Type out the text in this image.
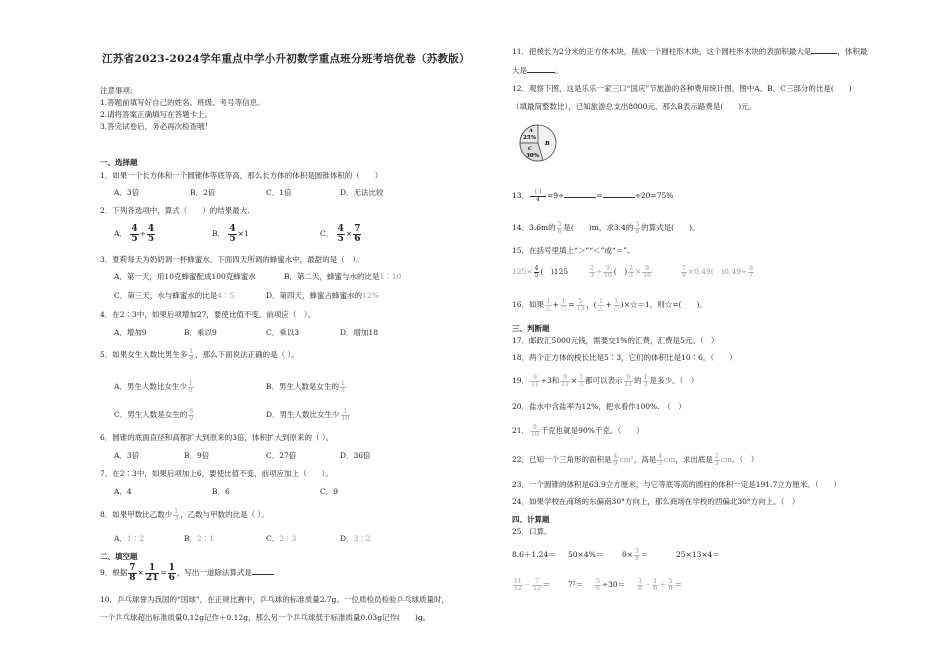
江苏省2023-2024学年重点中学小升初数学重点班分班考培优卷（苏教版）
注意事项:
1.答题前填写好自己的姓名、班级、考号等信息。
2.请将答案正确填写在答题卡上。
3.答完试卷后，务必再次检查哦！
一、选择题
1．如果一个长方体和一个圆锥体等底等高，那么长方体的体积是圆锥体积的（　　）
A．3倍	B．2倍	C．1倍	D．无法比较
2．下列各选项中，算式（　　）的结果最大.
A． $\frac{4}{5} \div \frac{4}{5}$	B． $\frac{4}{5} \times 1$	C． $\frac{4}{5} \times \frac{7}{6}$
3．夏莉每天为奶奶调一杯蜂蜜水。下面四天所调的蜂蜜水中，最甜的是（　）。
A．第一天，用10克蜂蜜配成100克蜂蜜水	B．第二天，蜂蜜与水的比是1∶10
C．第三天，水与蜂蜜水的比是4∶5	D．第四天，蜂蜜占蜂蜜水的12%
4．在2∶3中，如果后项增加27，要使比值不变，前项应（　）。
A．增加9	B．乘以9	C．乘以3	D．增加18
5．如果女生人数比男生多 $\frac{1}{8}$ ，那么下面说法正确的是（ ）。
A．男生人数比女生少 $\frac{1}{8}$	B．男生人数是女生的 $\frac{1}{8}$
C．男生人数是女生的 $\frac{8}{9}$	D．男生人数比女生少 $\frac{1}{10}$
6．圆锥的底面直径和高都扩大到原来的3倍，体积扩大到原来的（ ）。
A．3倍	B．9倍	C．27倍	D．36倍
7．在2∶3中，如果后项加上6，要使比值不变，前项应加上（　　）。
A．4	B．6	C．9
8．如果甲数比乙数少 $\frac{1}{3}$ ，乙数与甲数的比是（ ）。
A．1∶2	B．2∶1	C．2∶3	D．3∶2
二、填空题
9．根据 $\frac{7}{8} \times \frac{1}{21} = \frac{1}{6}$ ，写出一道除法算式是
10．乒乓球誉为我国的“国球”，在正规比赛中，乒乓球的标准质量2.7g。一位质检员检验乒乓球质量时，
一个乒乓球超出标准质量0.12g记作＋0.12g，那么另一个乒乓球低于标准质量0.03g记作(　　)g。
11．把棱长为2分米的正方体木块，削成一个圆柱形木块，这个圆柱形木块的表面积最大是	，体积最
大是	。
12．观察下图，这是乐乐一家三口“国庆”节旅游的各种费用统计图，图中A、B、C三部分的比是(　　)
（填最简整数比），已知旅游总支出8000元，那么B表示路费是(　　)元。
A
25%
B
C
30%
13． $\frac{( )}{4} =9\div$	=	÷20=75%
14．3.6m的 $\frac{5}{6}$ 是(　　)m，求3.4的 $\frac{3}{8}$ 的算式是(　　)。
15．在括号里填上“＞”“＜”或“＝”。
$125\times \frac{4}{5}$ (　)125	$\frac{2}{3} \div \frac{9}{16}$ (　) $\frac{2}{3} \times \frac{9}{16}$	$\frac{7}{8} \times 0.49$(　)$0.49\div \frac{8}{7}$
16．如果 $\frac{1}{\triangle} + \frac{1}{○} = \frac{5}{13}$ ，( $\frac{1}{\triangle} + \frac{1}{○}$ )×☆＝1，则☆=(　　)。
三、判断题
17．邮政汇5000元钱，需要交1%的汇费，汇费是5元。（　）
18．两个正方体的棱长比是5∶3，它们的体积比是10∶6。（　　）
19． $\frac{9}{11} \div 3$和 $\frac{9}{11} \times \frac{1}{3}$ 都可以表示 $\frac{9}{11}$ 的 $\frac{1}{3}$ 是多少。（　）
20．盐水中含盐率为12%，把水看作100%.　（　）
21． $\frac{9}{10}$ 千克也就是90%千克。（　　）
22．已知一个三角形的面积是 $\frac{4}{9} cm^2$，高是 $\frac{4}{3}$ cm，求出底是 $\frac{2}{3}$ cm。（　）
23．一个圆锥的体积是63.9立方厘米，与它等底等高的圆柱的体积一定是191.7立方厘米。（　　）
24．如果学校在商场的东偏南30°方向上，那么商场在学校的西偏北30°方向上。（　）
四、计算题
25．口算。
8.6＋1.24＝ 50×4%＝	$0\times \frac{3}{8}$ ＝	25×13×4＝
$\frac{11}{12} - \frac{7}{12} = 7^2= \frac{5}{6} \div 30= \frac{3}{8} - \frac{1}{6} + \frac{5}{8}$ ＝
